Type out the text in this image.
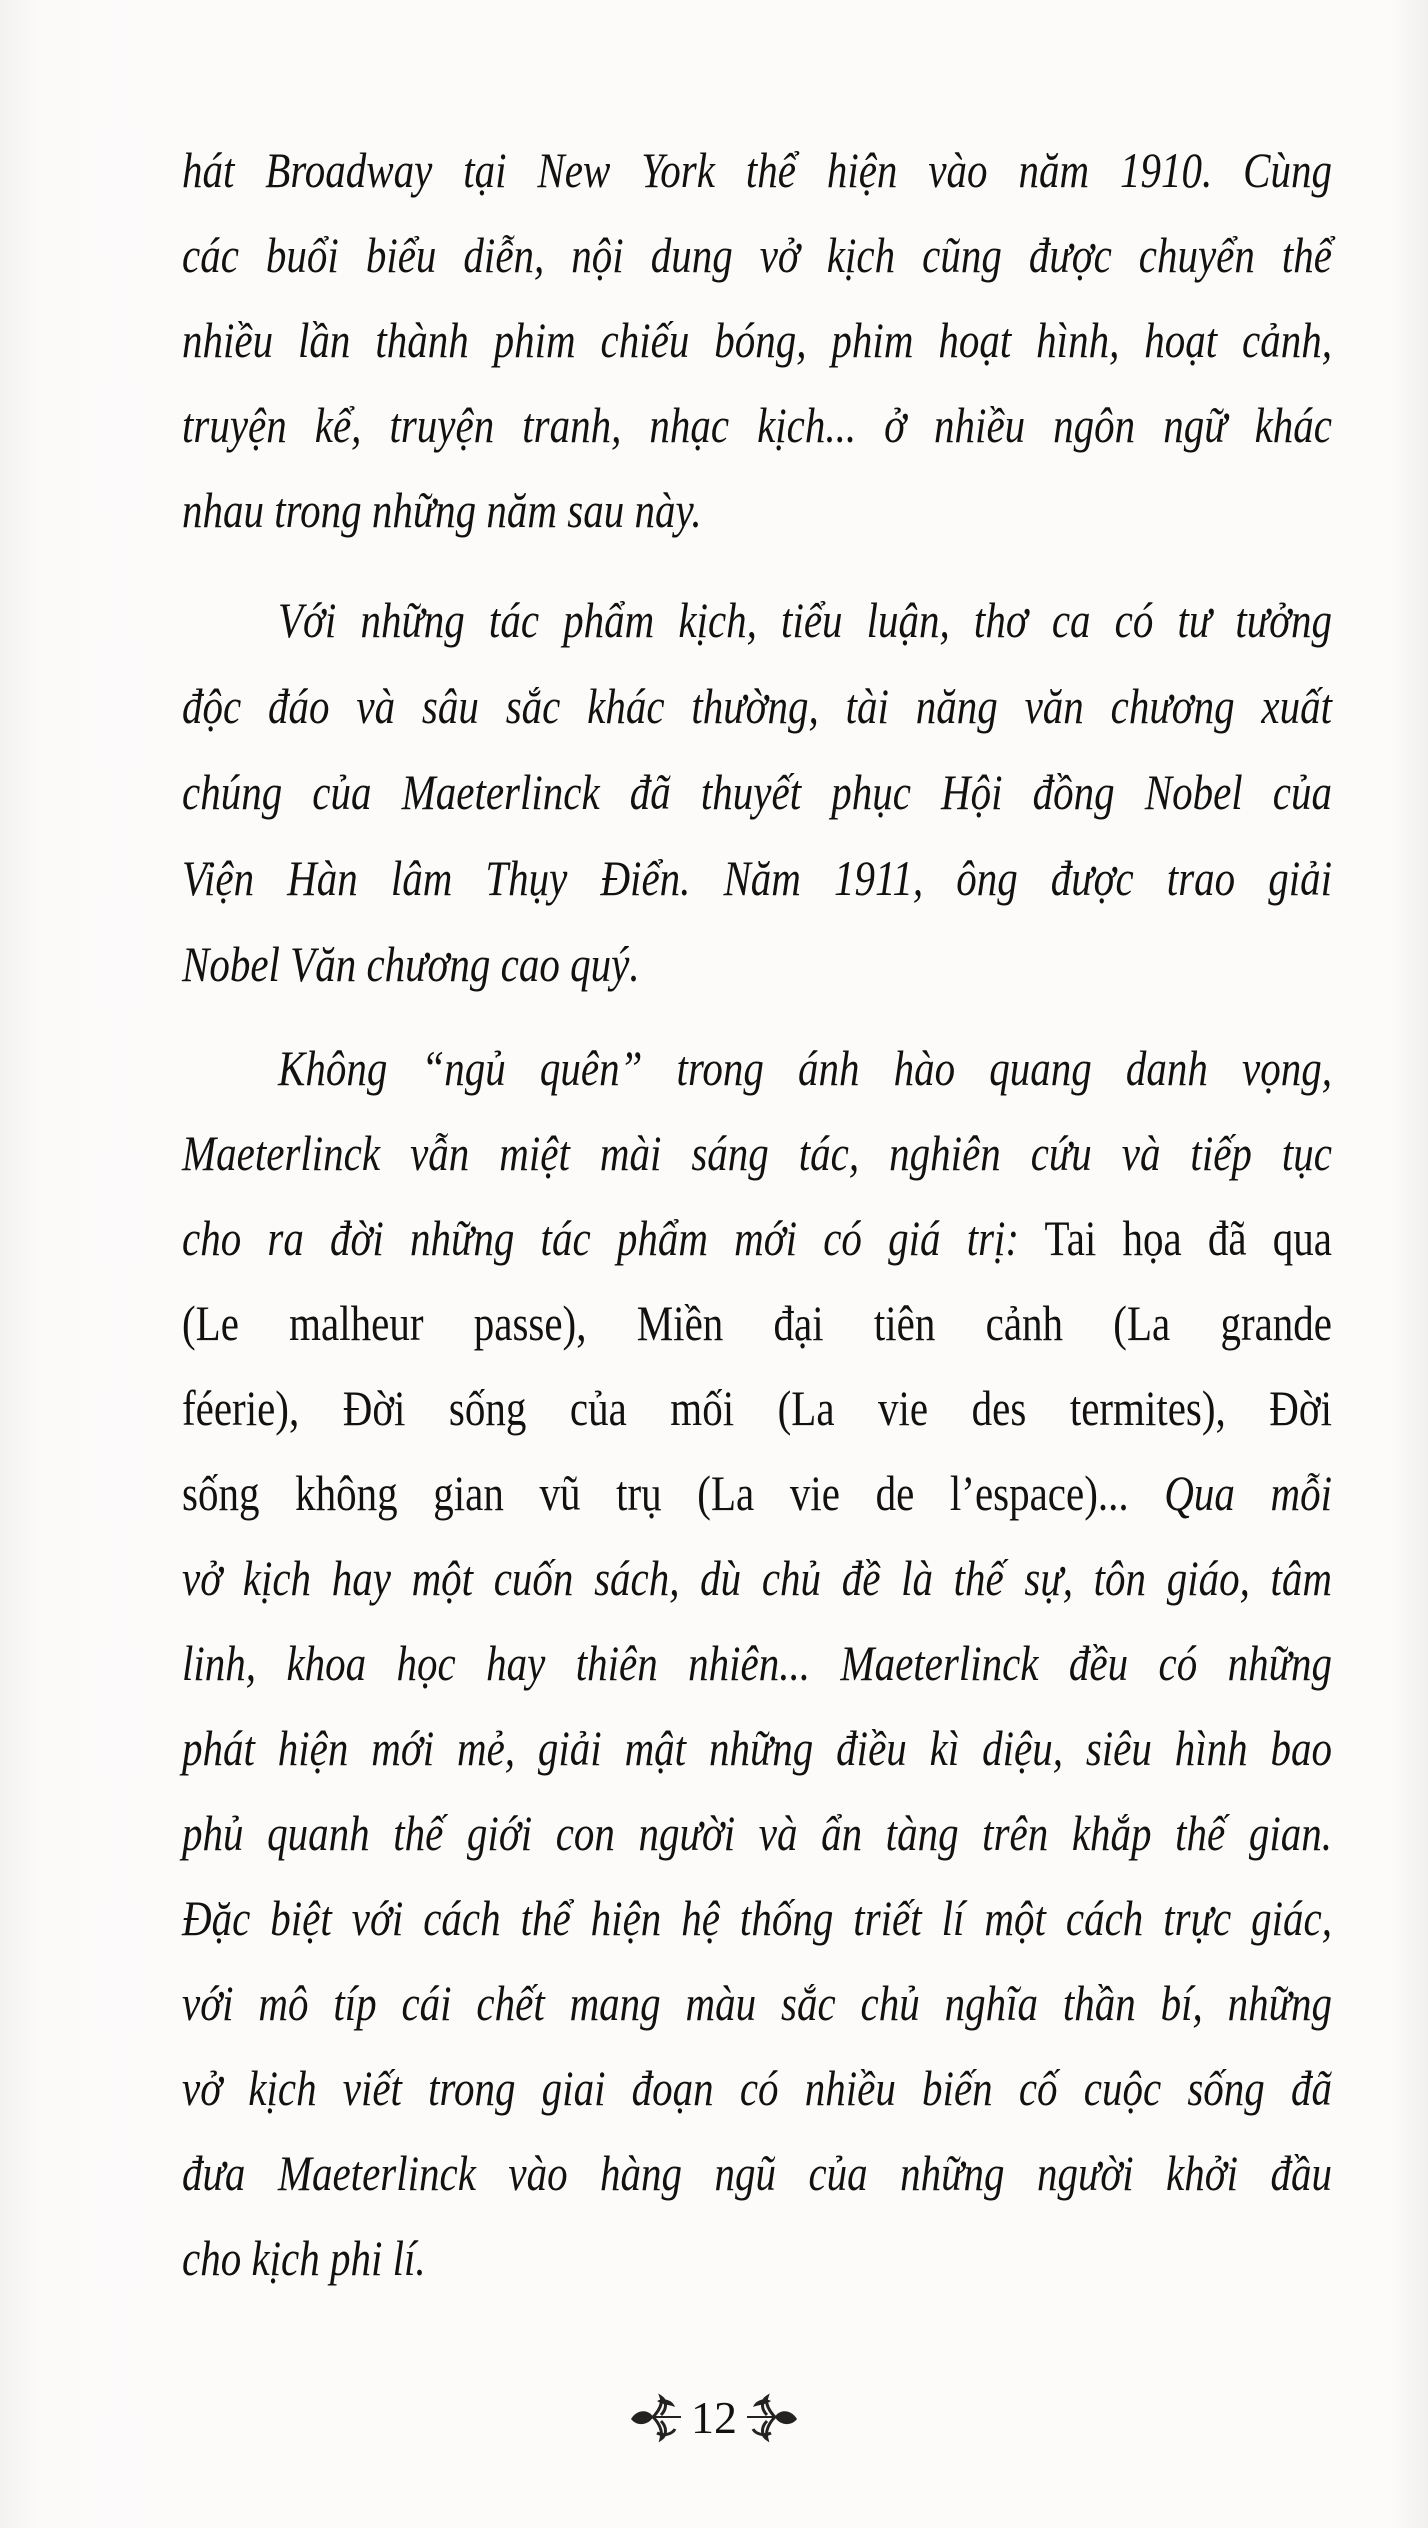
hát Broadway tại New York thể hiện vào năm 1910. Cùng
các buổi biểu diễn, nội dung vở kịch cũng được chuyển thể
nhiều lần thành phim chiếu bóng, phim hoạt hình, hoạt cảnh,
truyện kể, truyện tranh, nhạc kịch... ở nhiều ngôn ngữ khác
nhau trong những năm sau này.
Với những tác phẩm kịch, tiểu luận, thơ ca có tư tưởng
độc đáo và sâu sắc khác thường, tài năng văn chương xuất
chúng của Maeterlinck đã thuyết phục Hội đồng Nobel của
Viện Hàn lâm Thụy Điển. Năm 1911, ông được trao giải
Nobel Văn chương cao quý.
Không “ngủ quên” trong ánh hào quang danh vọng,
Maeterlinck vẫn miệt mài sáng tác, nghiên cứu và tiếp tục
cho ra đời những tác phẩm mới có giá trị: Tai họa đã qua
(Le malheur passe), Miền đại tiên cảnh (La grande
féerie), Đời sống của mối (La vie des termites), Đời
sống không gian vũ trụ (La vie de l’espace)... Qua mỗi
vở kịch hay một cuốn sách, dù chủ đề là thế sự, tôn giáo, tâm
linh, khoa học hay thiên nhiên... Maeterlinck đều có những
phát hiện mới mẻ, giải mật những điều kì diệu, siêu hình bao
phủ quanh thế giới con người và ẩn tàng trên khắp thế gian.
Đặc biệt với cách thể hiện hệ thống triết lí một cách trực giác,
với mô típ cái chết mang màu sắc chủ nghĩa thần bí, những
vở kịch viết trong giai đoạn có nhiều biến cố cuộc sống đã
đưa Maeterlinck vào hàng ngũ của những người khởi đầu
cho kịch phi lí.
12
